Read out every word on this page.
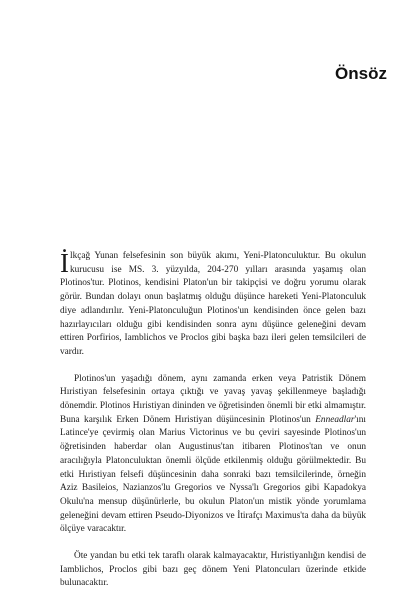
Önsöz

İlkçağ Yunan felsefesinin son büyük akımı, Yeni-Platonculuktur. Bu okulun kurucusu ise MS. 3. yüzyılda, 204-270 yılları arasında yaşamış olan Plotinos'tur. Plotinos, kendisini Platon'un bir takipçisi ve doğru yorumu olarak görür. Bundan dolayı onun başlatmış olduğu düşünce hareketi Yeni-Platonculuk diye adlandırılır. Yeni-Platonculuğun Plotinos'un kendisinden önce gelen bazı hazırlayıcıları olduğu gibi kendisinden sonra aynı düşünce geleneğini devam ettiren Porfirios, Iamblichos ve Proclos gibi başka bazı ileri gelen temsilcileri de vardır.

Plotinos'un yaşadığı dönem, aynı zamanda erken veya Patristik Dönem Hıristiyan felsefesinin ortaya çıktığı ve yavaş yavaş şekillenmeye başladığı dönemdir. Plotinos Hıristiyan dininden ve öğretisinden önemli bir etki almamıştır. Buna karşılık Erken Dönem Hıristiyan düşüncesinin Plotinos'un Enneadlar'ını Latince'ye çevirmiş olan Marius Victorinus ve bu çeviri sayesinde Plotinos'un öğretisinden haberdar olan Augustinus'tan itibaren Plotinos'tan ve onun aracılığıyla Platonculuktan önemli ölçüde etkilenmiş olduğu görülmektedir. Bu etki Hıristiyan felsefi düşüncesinin daha sonraki bazı temsilcilerinde, örneğin Aziz Basileios, Nazianzos'lu Gregorios ve Nyssa'lı Gregorios gibi Kapadokya Okulu'na mensup düşünürlerle, bu okulun Platon'un mistik yönde yorumlama geleneğini devam ettiren Pseudo-Diyonizos ve İtirafçı Maximus'ta daha da büyük ölçüye varacaktır.

Öte yandan bu etki tek taraflı olarak kalmayacaktır, Hıristiyanlığın kendisi de Iamblichos, Proclos gibi bazı geç dönem Yeni Platoncuları üzerinde etkide bulunacaktır.
